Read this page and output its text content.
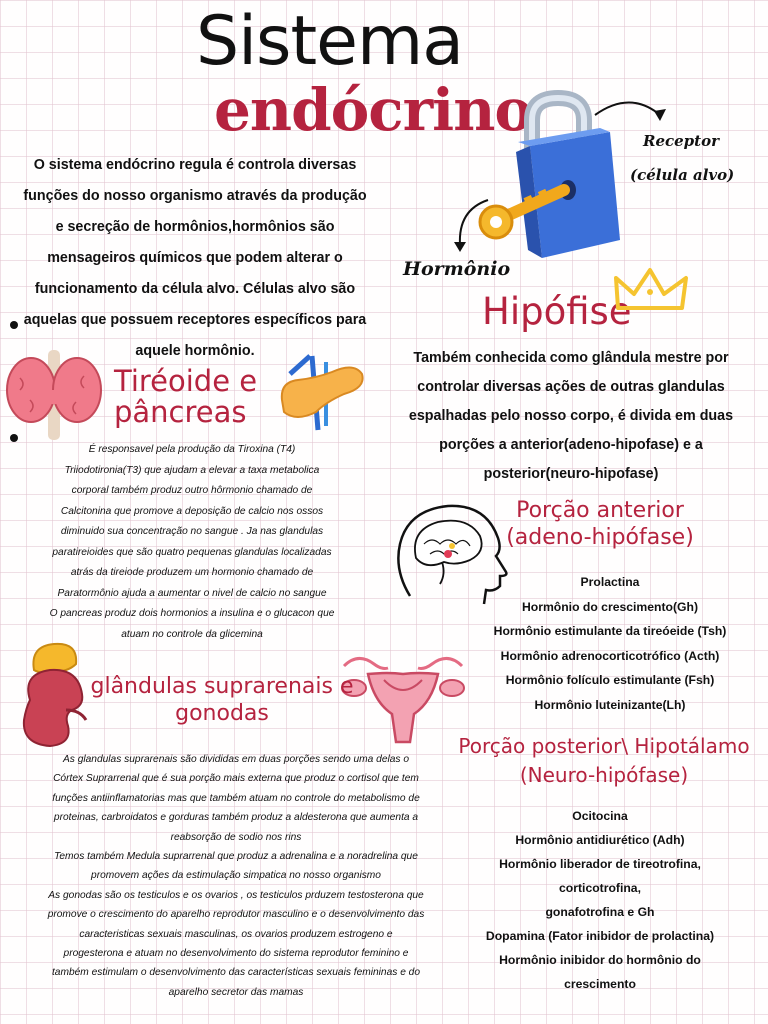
Sistema
endócrino
O sistema endócrino regula é controla diversas funções do nosso organismo através da produção e secreção de hormônios,hormônios são mensageiros químicos que podem alterar o funcionamento da célula alvo. Células alvo são aquelas que possuem receptores específicos para aquele hormônio.
Receptor
(célula alvo)
Hormônio
Hipófise
Também conhecida como glândula mestre por
controlar diversas ações de outras glandulas
espalhadas pelo nosso corpo, é divida em duas
porções a anterior(adeno-hipofase) e a
posterior(neuro-hipofase)
Tiréoide e
pâncreas
É responsavel pela produção da Tiroxina (T4)
Triiodotironia(T3) que ajudam a elevar a taxa metabolica
corporal também produz outro hôrmonio chamado de
Calcitonina que promove a deposição de calcio nos ossos
diminuido sua concentração no sangue . Ja nas glandulas
paratireioides que são quatro pequenas glandulas localizadas
atrás da tireiode produzem um hormonio chamado de
Paratormônio ajuda a aumentar o nivel de calcio no sangue
O pancreas produz dois hormonios a insulina e o glucacon que
atuam no controle da glicemina
Porção anterior
(adeno-hipófase)
Prolactina
Hormônio do crescimento(Gh)
Hormônio estimulante da tireóeide (Tsh)
Hormônio adrenocorticotrófico (Acth)
Hormônio folículo estimulante (Fsh)
Hormônio luteinizante(Lh)
glândulas suprarenais e
gonodas
As glandulas suprarenais são divididas em duas porções sendo uma delas o
Córtex Suprarrenal que é sua porção mais externa que produz o cortisol que tem
funções antiinflamatorias mas que também atuam no controle do metabolismo de
proteinas, carbroidatos e gorduras também produz a aldesterona que aumenta a
reabsorção de sodio nos rins
Temos também Medula suprarrenal que produz a adrenalina e a noradrelina que
promovem ações da estimulação simpatica no nosso organismo
As gonodas são os testiculos e os ovarios , os testiculos prduzem testosterona que
promove o crescimento do aparelho reprodutor masculino e o desenvolvimento das
caracteristicas sexuais masculinas, os ovarios produzem estrogeno e
progesterona e atuam no desenvolvimento do sistema reprodutor feminino e
também estimulam o desenvolvimento das características sexuais femininas e do
aparelho secretor das mamas
Porção posterior\ Hipotálamo
(Neuro-hipófase)
Ocitocina
Hormônio antidiurético (Adh)
Hormônio liberador de tireotrofina,
corticotrofina,
gonafotrofina e Gh
Dopamina (Fator inibidor de prolactina)
Hormônio inibidor do hormônio do
crescimento
